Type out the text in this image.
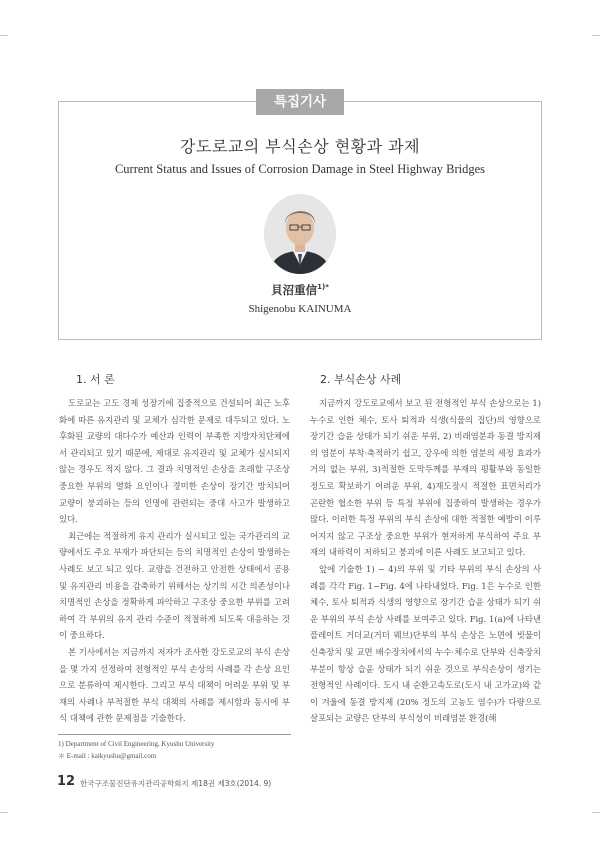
특집기사
강도로교의 부식손상 현황과 과제
Current Status and Issues of Corrosion Damage in Steel Highway Bridges
貝沼重信$^{1)*}$
Shigenobu KAINUMA
1. 서 론	2. 부식손상 사례

도로교는 고도 경제 성장기에 집중적으로 건설되어 최근 노후화에 따른 유지관리 및 교체가 심각한 문제로 대두되고 있다. 노후화된 교량의 대다수가 예산과 인력이 부족한 지방자치단체에서 관리되고 있기 때문에, 제대로 유지관리 및 교체가 실시되지 않는 경우도 적지 않다. 그 결과 치명적인 손상을 초래할 구조상 중요한 부위의 열화 요인이나 경미한 손상이 장기간 방치되어 교량이 붕괴하는 등의 인명에 관련되는 중대 사고가 발생하고 있다.

최근에는 적절하게 유지 관리가 실시되고 있는 국가관리의 교량에서도 주요 부재가 파단되는 등의 치명적인 손상이 발생하는 사례도 보고 되고 있다. 교량을 건전하고 안전한 상태에서 공용 및 유지관리 비용을 감축하기 위해서는 상기의 시간 의존성이나 치명적인 손상을 정확하게 파악하고 구조상 중요한 부위를 고려하여 각 부위의 유지 관리 수준이 적절하게 되도록 대응하는 것이 중요하다.

본 기사에서는 지금까지 저자가 조사한 강도로교의 부식 손상을 몇 가지 선정하여 전형적인 부식 손상의 사례를 각 손상 요인으로 분류하여 제시한다. 그리고 부식 대책이 어려운 부위 및 부재의 사례나 부적절한 부식 대책의 사례를 제시함과 동시에 부식 대책에 관한 문제점을 기술한다.

지금까지 강도로교에서 보고 된 전형적인 부식 손상으로는 1)누수로 인한 체수, 토사 퇴적과 식생(식물의 집단)의 영향으로 장기간 습윤 상태가 되기 쉬운 부위, 2) 비래염분과 동결 방지제의 염분이 부착·축적하기 쉽고, 강우에 의한 염분의 세정 효과가 거의 없는 부위, 3)적절한 도막두께를 부재의 평활부와 동일한 정도로 확보하기 어려운 부위, 4)재도장시 적절한 표면처리가 곤란한 협소한 부위 등 특정 부위에 집중하여 발생하는 경우가 많다. 이러한 특정 부위의 부식 손상에 대한 적절한 예방이 이루어지지 않고 구조상 중요한 부위가 현저하게 부식하여 주요 부재의 내하력이 저하되고 붕괴에 이른 사례도 보고되고 있다.

앞에 기술한 1) ~ 4)의 부위 및 기타 부위의 부식 손상의 사례를 각각 Fig. 1~Fig. 4에 나타내었다. Fig. 1은 누수로 인한 체수, 토사 퇴적과 식생의 영향으로 장기간 습윤 상태가 되기 쉬운 부위의 부식 손상 사례를 보여주고 있다. Fig. 1(a)에 나타낸 플레이트 거더교(거더 웨브)단부의 부식 손상은 노면에 빗물이 신축장치 및 교면 배수장치에서의 누수·체수로 단부와 신축장치 부분이 항상 습윤 상태가 되기 쉬운 것으로 부식손상이 생기는 전형적인 사례이다. 도시 내 순환고속도로(도시 내 고가교)와 같이 겨울에 동결 방지제 (20% 정도의 고농도 염수)가 다량으로 살포되는 교량은 단부의 부식성이 비래염분 환경(해

1) Department of Civil Engineering, Kyushu University
＊ E-mail : kaikyushu@gmail.com
12 한국구조물진단유지관리공학회지 제18권 제3호(2014. 9)
